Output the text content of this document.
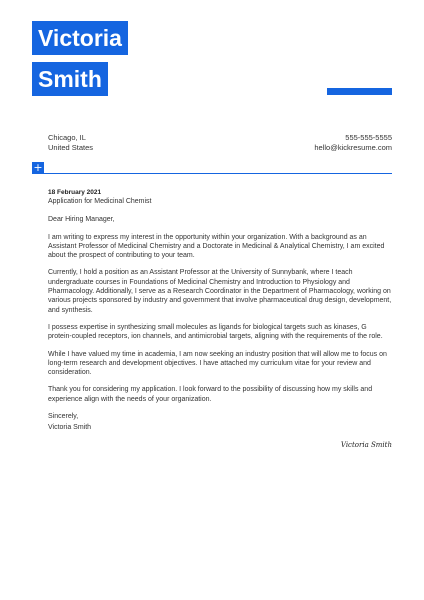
Victoria
Smith
Chicago, IL
United States
555-555-5555
hello@kickresume.com
+

18 February 2021

Application for Medicinal Chemist

Dear Hiring Manager,

I am writing to express my interest in the opportunity within your organization. With a background as an Assistant Professor of Medicinal Chemistry and a Doctorate in Medicinal & Analytical Chemistry, I am excited about the prospect of contributing to your team.

Currently, I hold a position as an Assistant Professor at the University of Sunnybank, where I teach undergraduate courses in Foundations of Medicinal Chemistry and Introduction to Physiology and Pharmacology. Additionally, I serve as a Research Coordinator in the Department of Pharmacology, working on various projects sponsored by industry and government that involve pharmaceutical drug design, development, and synthesis.

I possess expertise in synthesizing small molecules as ligands for biological targets such as kinases, G protein-coupled receptors, ion channels, and antimicrobial targets, aligning with the requirements of the role.

While I have valued my time in academia, I am now seeking an industry position that will allow me to focus on long-term research and development objectives. I have attached my curriculum vitae for your review and consideration.

Thank you for considering my application. I look forward to the possibility of discussing how my skills and experience align with the needs of your organization.

Sincerely,

Victoria Smith

Victoria Smith
